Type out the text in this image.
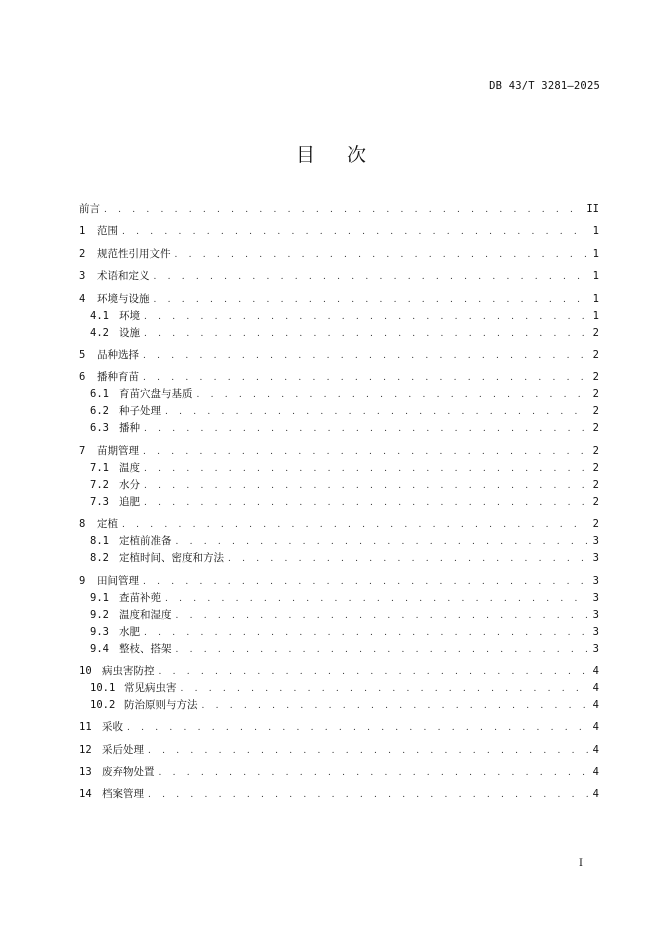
DB 43/T 3281—2025
目 次
前言 . . .	II
1	范围 . . .	1
2	规范性引用文件 . . .	1
3	术语和定义 . . .	1
4	环境与设施 . . .	1
4.1 环境 . . .	1
4.2 设施 . . .	2
5	品种选择 . . .	2
6	播种育苗 . . .	2
6.1 育苗穴盘与基质 . . .	2
6.2 种子处理 . . .	2
6.3 播种 . . .	2
7	苗期管理 . . .	2
7.1 温度 . . .	2
7.2 水分 . . .	2
7.3 追肥 . . .	2
8	定植 . . .	2
8.1 定植前准备 . . .	3
8.2 定植时间、密度和方法 . . .	3
9	田间管理 . . .	3
9.1 查苗补蔸 . . .	3
9.2 温度和湿度 . . .	3
9.3 水肥 . . .	3
9.4 整枝、搭架 . . .	3
10 病虫害防控 . . .	4
10.1 常见病虫害 . . .	4
10.2 防治原则与方法 . . .	4
11 采收 . . .	4
12 采后处理 . . .	4
13 废弃物处置 . . .	4
14 档案管理 . . .	4
I
